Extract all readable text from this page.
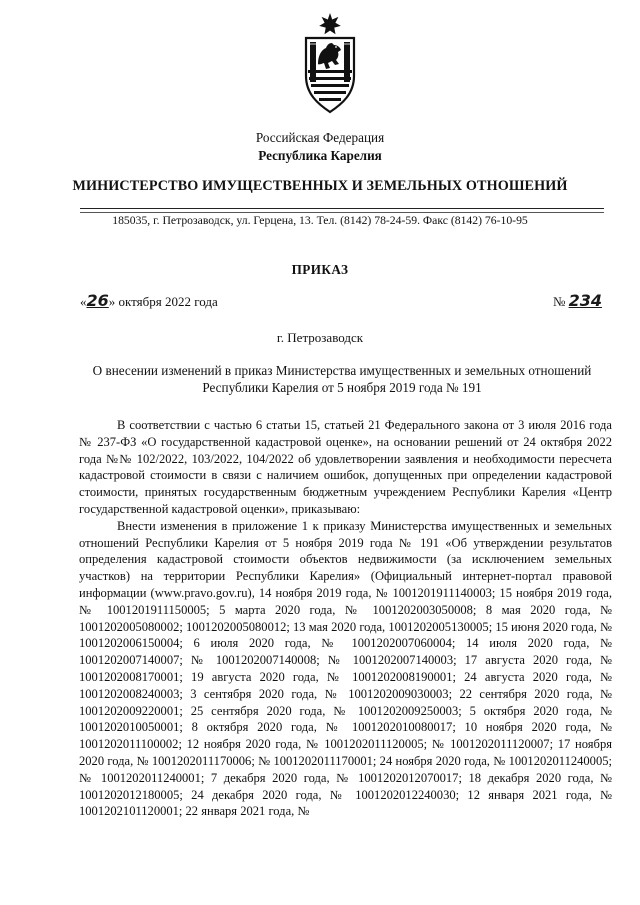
Российская Федерация
Республика Карелия
МИНИСТЕРСТВО ИМУЩЕСТВЕННЫХ И ЗЕМЕЛЬНЫХ ОТНОШЕНИЙ
185035, г. Петрозаводск, ул. Герцена, 13. Тел. (8142) 78-24-59. Факс (8142) 76-10-95
ПРИКАЗ
«26» октября 2022 года	№ 234
г. Петрозаводск
О внесении изменений в приказ Министерства имущественных и земельных отношений Республики Карелия от 5 ноября 2019 года № 191

В соответствии с частью 6 статьи 15, статьей 21 Федерального закона от 3 июля 2016 года № 237-ФЗ «О государственной кадастровой оценке», на основании решений от 24 октября 2022 года №№ 102/2022, 103/2022, 104/2022 об удовлетворении заявления и необходимости пересчета кадастровой стоимости в связи с наличием ошибок, допущенных при определении кадастровой стоимости, принятых государственным бюджетным учреждением Республики Карелия «Центр государственной кадастровой оценки», приказываю:

Внести изменения в приложение 1 к приказу Министерства имущественных и земельных отношений Республики Карелия от 5 ноября 2019 года № 191 «Об утверждении результатов определения кадастровой стоимости объектов недвижимости (за исключением земельных участков) на территории Республики Карелия» (Официальный интернет-портал правовой информации (www.pravo.gov.ru), 14 ноября 2019 года, № 1001201911140003; 15 ноября 2019 года, № 1001201911150005; 5 марта 2020 года, № 1001202003050008; 8 мая 2020 года, № 1001202005080002; 1001202005080012; 13 мая 2020 года, 1001202005130005; 15 июня 2020 года, № 1001202006150004; 6 июля 2020 года, № 1001202007060004; 14 июля 2020 года, № 1001202007140007; № 1001202007140008; № 1001202007140003; 17 августа 2020 года, № 1001202008170001; 19 августа 2020 года, № 1001202008190001; 24 августа 2020 года, № 1001202008240003; 3 сентября 2020 года, № 1001202009030003; 22 сентября 2020 года, № 1001202009220001; 25 сентября 2020 года, № 1001202009250003; 5 октября 2020 года, № 1001202010050001; 8 октября 2020 года, № 1001202010080017; 10 ноября 2020 года, № 1001202011100002; 12 ноября 2020 года, № 1001202011120005; № 1001202011120007; 17 ноября 2020 года, № 1001202011170006; № 1001202011170001; 24 ноября 2020 года, № 1001202011240005; № 1001202011240001; 7 декабря 2020 года, № 1001202012070017; 18 декабря 2020 года, № 1001202012180005; 24 декабря 2020 года, № 1001202012240030; 12 января 2021 года, № 1001202101120001; 22 января 2021 года, №
